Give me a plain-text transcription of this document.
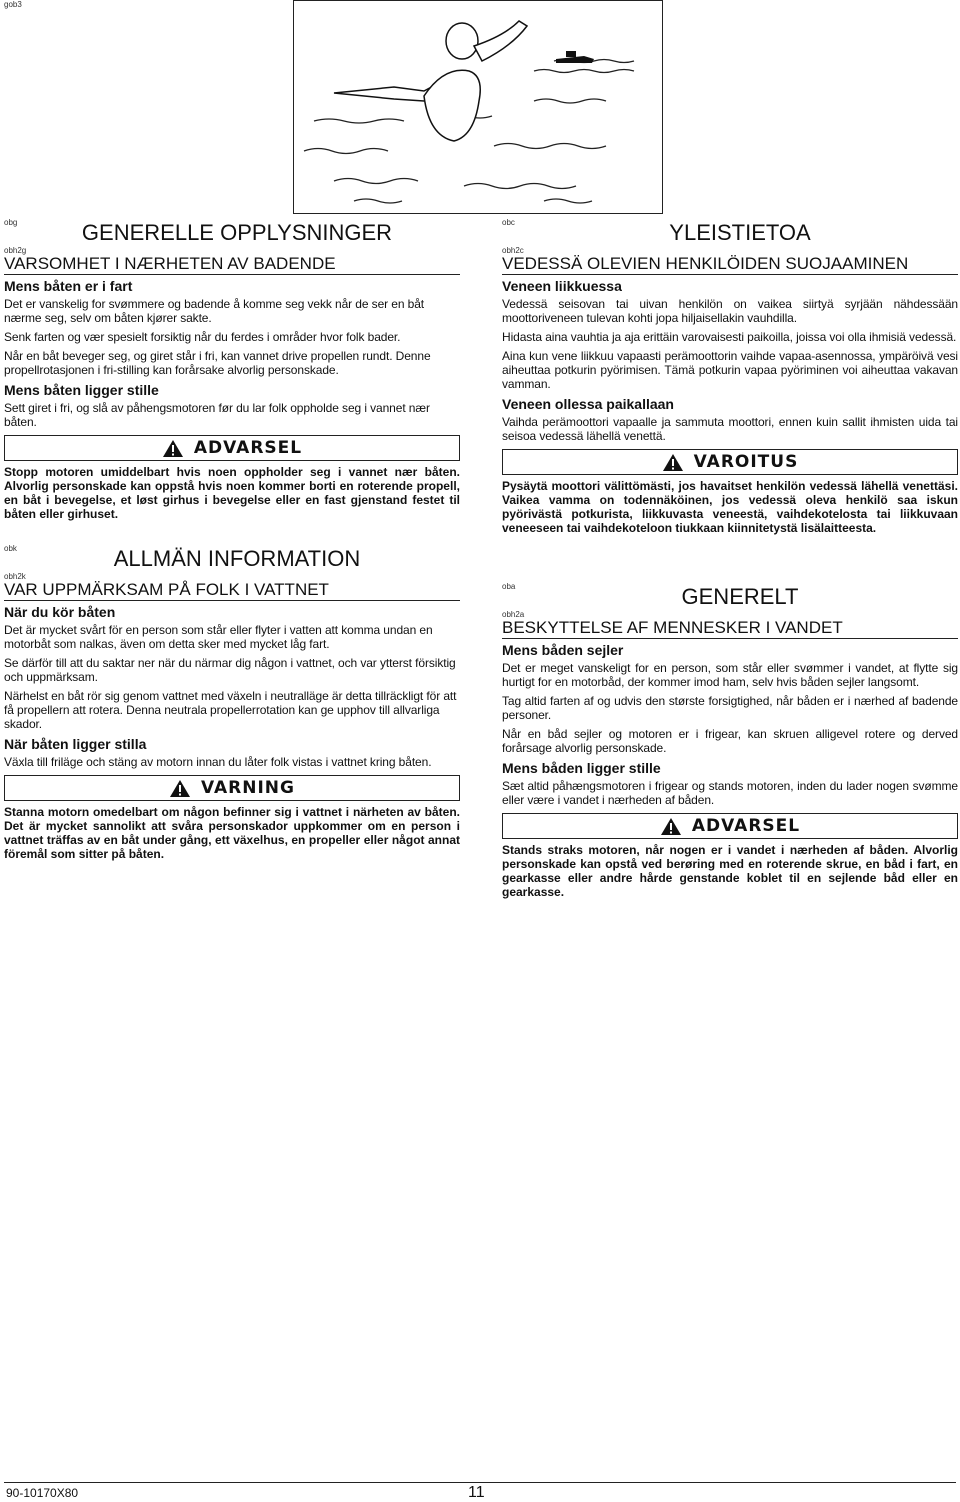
gob3
obg	GENERELLE OPPLYSNINGER
obh2g
VARSOMHET I NÆRHETEN AV BADENDE
Mens båten er i fart

Det er vanskelig for svømmere og badende å komme seg vekk når de ser en båt nærme seg, selv om båten kjører sakte.

Senk farten og vær spesielt forsiktig når du ferdes i områder hvor folk bader.

Når en båt beveger seg, og giret står i fri, kan vannet drive propellen rundt. Denne propellrotasjonen i fri-stilling kan forårsake alvorlig personskade.

Mens båten ligger stille

Sett giret i fri, og slå av påhengsmotoren før du lar folk oppholde seg i vannet nær båten.

ADVARSEL

Stopp motoren umiddelbart hvis noen oppholder seg i vannet nær båten. Alvorlig personskade kan oppstå hvis noen kommer borti en roterende propell, en båt i bevegelse, et løst girhus i bevegelse eller en fast gjenstand festet til båten eller girhuset.

obk	ALLMÄN INFORMATION
obh2k
VAR UPPMÄRKSAM PÅ FOLK I VATTNET
När du kör båten

Det är mycket svårt för en person som står eller flyter i vatten att komma undan en motorbåt som nalkas, även om detta sker med mycket låg fart.

Se därför till att du saktar ner när du närmar dig någon i vattnet, och var ytterst försiktig och uppmärksam.

Närhelst en båt rör sig genom vattnet med växeln i neutralläge är detta tillräckligt för att få propellern att rotera. Denna neutrala propellerrotation kan ge upphov till allvarliga skador.

När båten ligger stilla

Växla till friläge och stäng av motorn innan du låter folk vistas i vattnet kring båten.

VARNING

Stanna motorn omedelbart om någon befinner sig i vattnet i närheten av båten. Det är mycket sannolikt att svåra personskador uppkommer om en person i vattnet träffas av en båt under gång, ett växelhus, en propeller eller något annat föremål som sitter på båten.

obc	YLEISTIETOA
obh2c
VEDESSÄ OLEVIEN HENKILÖIDEN SUOJAAMINEN
Veneen liikkuessa

Vedessä seisovan tai uivan henkilön on vaikea siirtyä syrjään nähdessään moottoriveneen tulevan kohti jopa hiljaisellakin vauhdilla.

Hidasta aina vauhtia ja aja erittäin varovaisesti paikoilla, joissa voi olla ihmisiä vedessä.

Aina kun vene liikkuu vapaasti perämoottorin vaihde vapaa-asennossa, ympäröivä vesi aiheuttaa potkurin pyörimisen. Tämä potkurin vapaa pyöriminen voi aiheuttaa vakavan vamman.

Veneen ollessa paikallaan

Vaihda perämoottori vapaalle ja sammuta moottori, ennen kuin sallit ihmisten uida tai seisoa vedessä lähellä venettä.

VAROITUS

Pysäytä moottori välittömästi, jos havaitset henkilön vedessä lähellä venettäsi. Vaikea vamma on todennäköinen, jos vedessä oleva henkilö saa iskun pyörivästä potkurista, liikkuvasta veneestä, vaihdekotelosta tai liikkuvaan veneeseen tai vaihdekoteloon tiukkaan kiinnitetystä lisälaitteesta.

oba	GENERELT
obh2a
BESKYTTELSE AF MENNESKER I VANDET
Mens båden sejler

Det er meget vanskeligt for en person, som står eller svømmer i vandet, at flytte sig hurtigt for en motorbåd, der kommer imod ham, selv hvis båden sejler langsomt.

Tag altid farten af og udvis den største forsigtighed, når båden er i nærhed af badende personer.

Når en båd sejler og motoren er i frigear, kan skruen alligevel rotere og derved forårsage alvorlig personskade.

Mens båden ligger stille

Sæt altid påhængsmotoren i frigear og stands motoren, inden du lader nogen svømme eller være i vandet i nærheden af båden.

ADVARSEL

Stands straks motoren, når nogen er i vandet i nærheden af båden. Alvorlig personskade kan opstå ved berøring med en roterende skrue, en båd i fart, en gearkasse eller andre hårde genstande koblet til en sejlende båd eller en gearkasse.

90-10170X80	11
